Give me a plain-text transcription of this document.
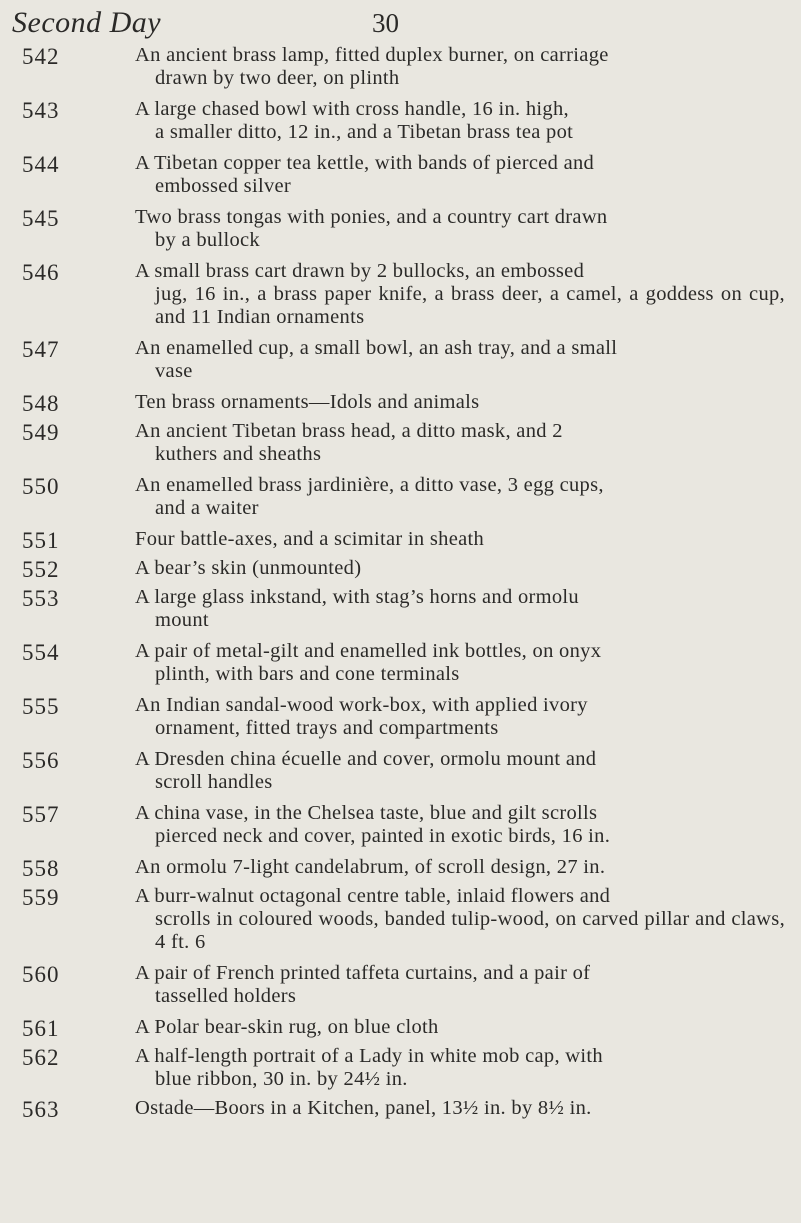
Second Day	30
542	An ancient brass lamp, fitted duplex burner, on carriage
drawn by two deer, on plinth
543	A large chased bowl with cross handle, 16 in. high,
a smaller ditto, 12 in., and a Tibetan brass tea pot
544	A Tibetan copper tea kettle, with bands of pierced and
embossed silver
545	Two brass tongas with ponies, and a country cart drawn
by a bullock
546	A small brass cart drawn by 2 bullocks, an embossed
jug, 16 in., a brass paper knife, a brass deer, a camel, a goddess on cup, and 11 Indian ornaments
547	An enamelled cup, a small bowl, an ash tray, and a small
vase
548	Ten brass ornaments—Idols and animals
549	An ancient Tibetan brass head, a ditto mask, and 2
kuthers and sheaths
550	An enamelled brass jardinière, a ditto vase, 3 egg cups,
and a waiter
551	Four battle-axes, and a scimitar in sheath
552	A bear’s skin (unmounted)
553	A large glass inkstand, with stag’s horns and ormolu
mount
554	A pair of metal-gilt and enamelled ink bottles, on onyx
plinth, with bars and cone terminals
555	An Indian sandal-wood work-box, with applied ivory
ornament, fitted trays and compartments
556	A Dresden china écuelle and cover, ormolu mount and
scroll handles
557	A china vase, in the Chelsea taste, blue and gilt scrolls
pierced neck and cover, painted in exotic birds, 16 in.
558	An ormolu 7-light candelabrum, of scroll design, 27 in.
559	A burr-walnut octagonal centre table, inlaid flowers and
scrolls in coloured woods, banded tulip-wood, on carved pillar and claws, 4 ft. 6
560	A pair of French printed taffeta curtains, and a pair of
tasselled holders
561	A Polar bear-skin rug, on blue cloth
562	A half-length portrait of a Lady in white mob cap, with
blue ribbon, 30 in. by 24½ in.
563	Ostade—Boors in a Kitchen, panel, 13½ in. by 8½ in.
